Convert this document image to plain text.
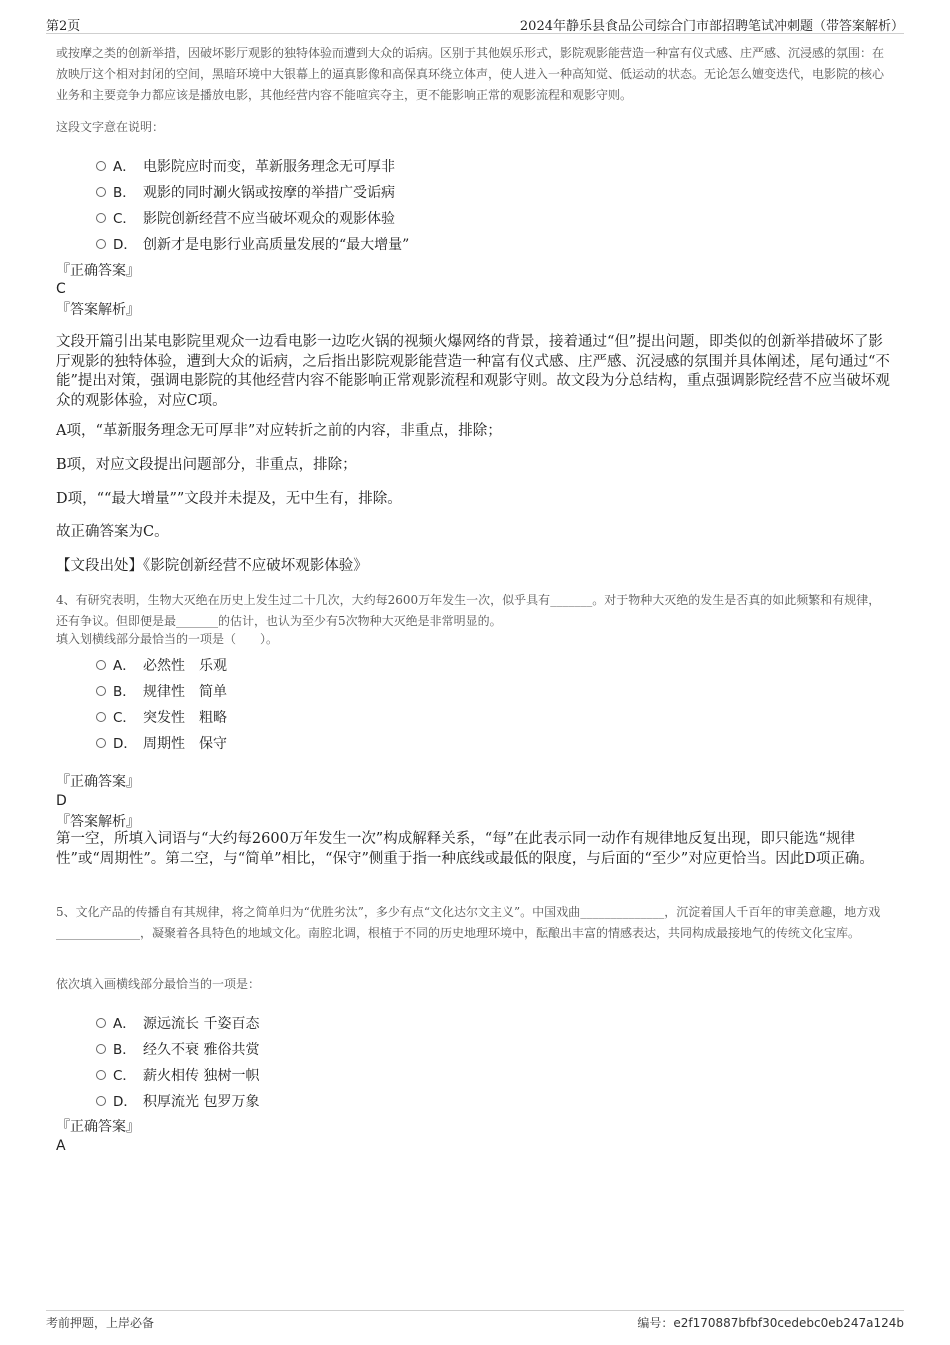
第2页	2024年静乐县食品公司综合门市部招聘笔试冲刺题（带答案解析）
或按摩之类的创新举措，因破坏影厅观影的独特体验而遭到大众的诟病。区别于其他娱乐形式，影院观影能营造一种富有仪式感、庄严感、沉浸感的氛围：在放映厅这个相对封闭的空间，黑暗环境中大银幕上的逼真影像和高保真环绕立体声，使人进入一种高知觉、低运动的状态。无论怎么嬗变迭代，电影院的核心业务和主要竞争力都应该是播放电影，其他经营内容不能喧宾夺主，更不能影响正常的观影流程和观影守则。
这段文字意在说明：
A． 电影院应时而变，革新服务理念无可厚非
B． 观影的同时涮火锅或按摩的举措广受诟病
C． 影院创新经营不应当破坏观众的观影体验
D． 创新才是电影行业高质量发展的“最大增量”
『正确答案』
C
『答案解析』
文段开篇引出某电影院里观众一边看电影一边吃火锅的视频火爆网络的背景，接着通过“但”提出问题，即类似的创新举措破坏了影厅观影的独特体验，遭到大众的诟病，之后指出影院观影能营造一种富有仪式感、庄严感、沉浸感的氛围并具体阐述，尾句通过“不能”提出对策，强调电影院的其他经营内容不能影响正常观影流程和观影守则。故文段为分总结构，重点强调影院经营不应当破坏观众的观影体验，对应C项。
A项，“革新服务理念无可厚非”对应转折之前的内容，非重点，排除；
B项，对应文段提出问题部分，非重点，排除；
D项，““最大增量””文段并未提及，无中生有，排除。
故正确答案为C。
【文段出处】《影院创新经营不应破坏观影体验》
4、有研究表明，生物大灭绝在历史上发生过二十几次，大约每2600万年发生一次，似乎具有_______。对于物种大灭绝的发生是否真的如此频繁和有规律，还有争议。但即便是最_______的估计，也认为至少有5次物种大灭绝是非常明显的。
填入划横线部分最恰当的一项是（　　）。
A． 必然性 乐观
B． 规律性 简单
C． 突发性 粗略
D． 周期性 保守
『正确答案』
D
『答案解析』
第一空，所填入词语与“大约每2600万年发生一次”构成解释关系，“每”在此表示同一动作有规律地反复出现，即只能选“规律性”或“周期性”。第二空，与“简单”相比，“保守”侧重于指一种底线或最低的限度，与后面的“至少”对应更恰当。因此D项正确。
5、文化产品的传播自有其规律，将之简单归为“优胜劣汰”，多少有点“文化达尔文主义”。中国戏曲______________，沉淀着国人千百年的审美意趣，地方戏______________，凝聚着各具特色的地域文化。南腔北调，根植于不同的历史地理环境中，酝酿出丰富的情感表达，共同构成最接地气的传统文化宝库。
依次填入画横线部分最恰当的一项是：
A． 源远流长 千姿百态
B． 经久不衰 雅俗共赏
C． 薪火相传 独树一帜
D． 积厚流光 包罗万象
『正确答案』
A
考前押题，上岸必备	编号：e2f170887bfbf30cedebc0eb247a124b
